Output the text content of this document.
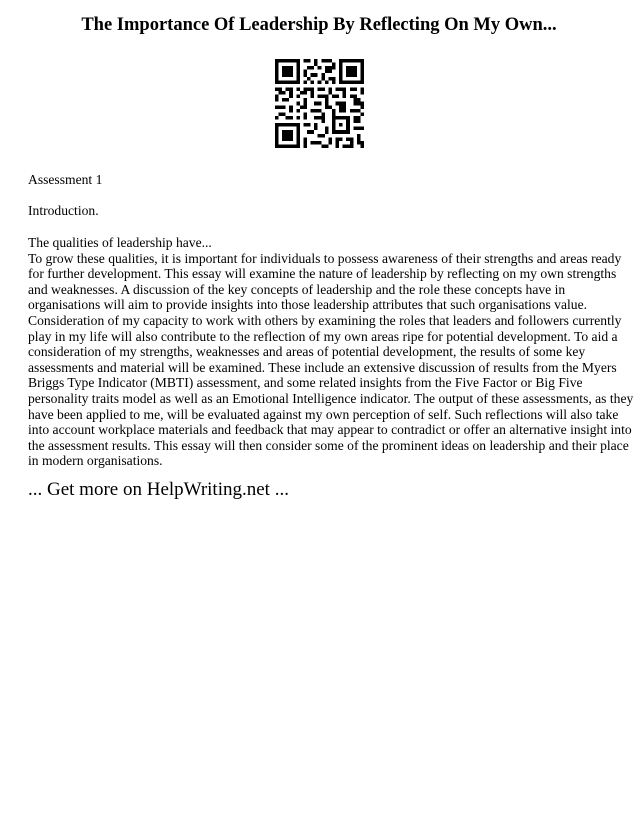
The Importance Of Leadership By Reflecting On My Own...

Assessment 1

Introduction.

The qualities of leadership have...
To grow these qualities, it is important for individuals to possess awareness of their strengths and areas ready
for further development. This essay will examine the nature of leadership by reflecting on my own strengths
and weaknesses. A discussion of the key concepts of leadership and the role these concepts have in
organisations will aim to provide insights into those leadership attributes that such organisations value.
Consideration of my capacity to work with others by examining the roles that leaders and followers currently
play in my life will also contribute to the reflection of my own areas ripe for potential development. To aid a
consideration of my strengths, weaknesses and areas of potential development, the results of some key
assessments and material will be examined. These include an extensive discussion of results from the Myers
Briggs Type Indicator (MBTI) assessment, and some related insights from the Five Factor or Big Five
personality traits model as well as an Emotional Intelligence indicator. The output of these assessments, as they
have been applied to me, will be evaluated against my own perception of self. Such reflections will also take
into account workplace materials and feedback that may appear to contradict or offer an alternative insight into
the assessment results. This essay will then consider some of the prominent ideas on leadership and their place
in modern organisations.

... Get more on HelpWriting.net ...
